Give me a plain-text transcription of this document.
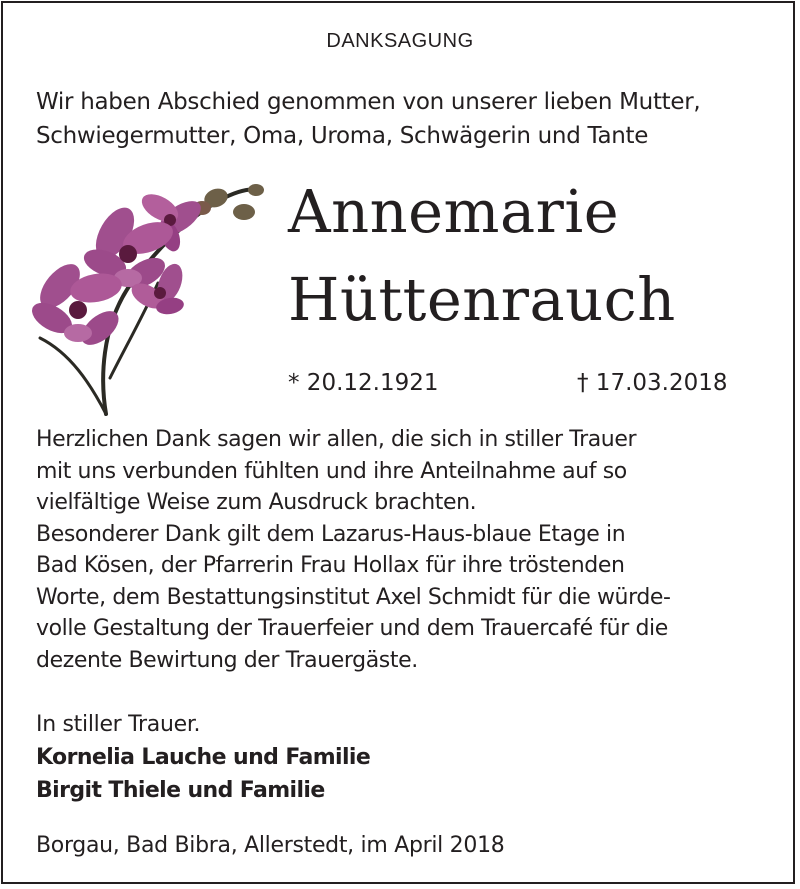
DANKSAGUNG
Wir haben Abschied genommen von unserer lieben Mutter,
Schwiegermutter, Oma, Uroma, Schwägerin und Tante
Annemarie
Hüttenrauch
* 20.12.1921	† 17.03.2018
Herzlichen Dank sagen wir allen, die sich in stiller Trauer
mit uns verbunden fühlten und ihre Anteilnahme auf so
vielfältige Weise zum Ausdruck brachten.
Besonderer Dank gilt dem Lazarus-Haus-blaue Etage in
Bad Kösen, der Pfarrerin Frau Hollax für ihre tröstenden
Worte, dem Bestattungsinstitut Axel Schmidt für die würde-
volle Gestaltung der Trauerfeier und dem Trauercafé für die
dezente Bewirtung der Trauergäste.
In stiller Trauer.
Kornelia Lauche und Familie
Birgit Thiele und Familie
Borgau, Bad Bibra, Allerstedt, im April 2018
